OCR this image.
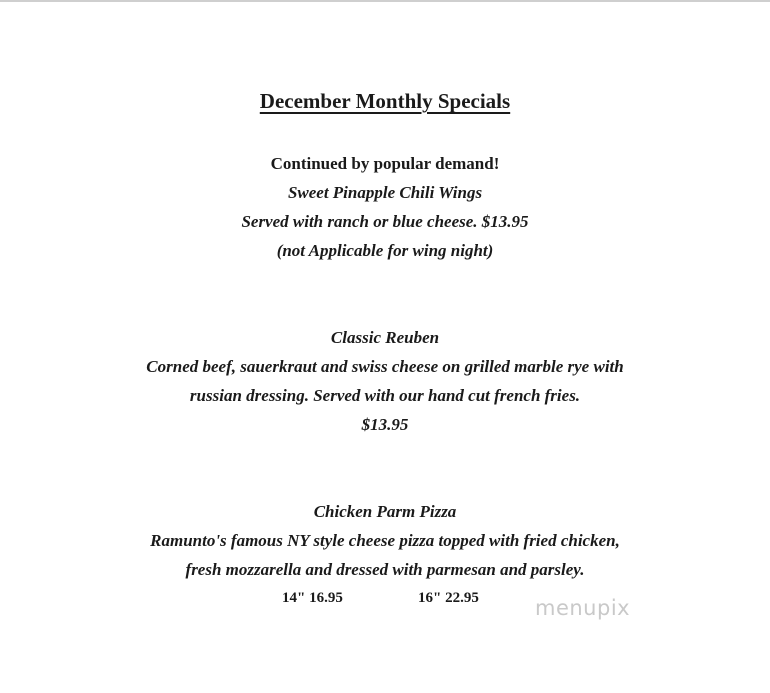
December Monthly Specials
Continued by popular demand!
Sweet Pinapple Chili Wings
Served with ranch or blue cheese. $13.95
(not Applicable for wing night)
Classic Reuben
Corned beef, sauerkraut and swiss cheese on grilled marble rye with
russian dressing. Served with our hand cut french fries.
$13.95
Chicken Parm Pizza
Ramunto's famous NY style cheese pizza topped with fried chicken,
fresh mozzarella and dressed with parmesan and parsley.
14" 16.95	16" 22.95	menupix
